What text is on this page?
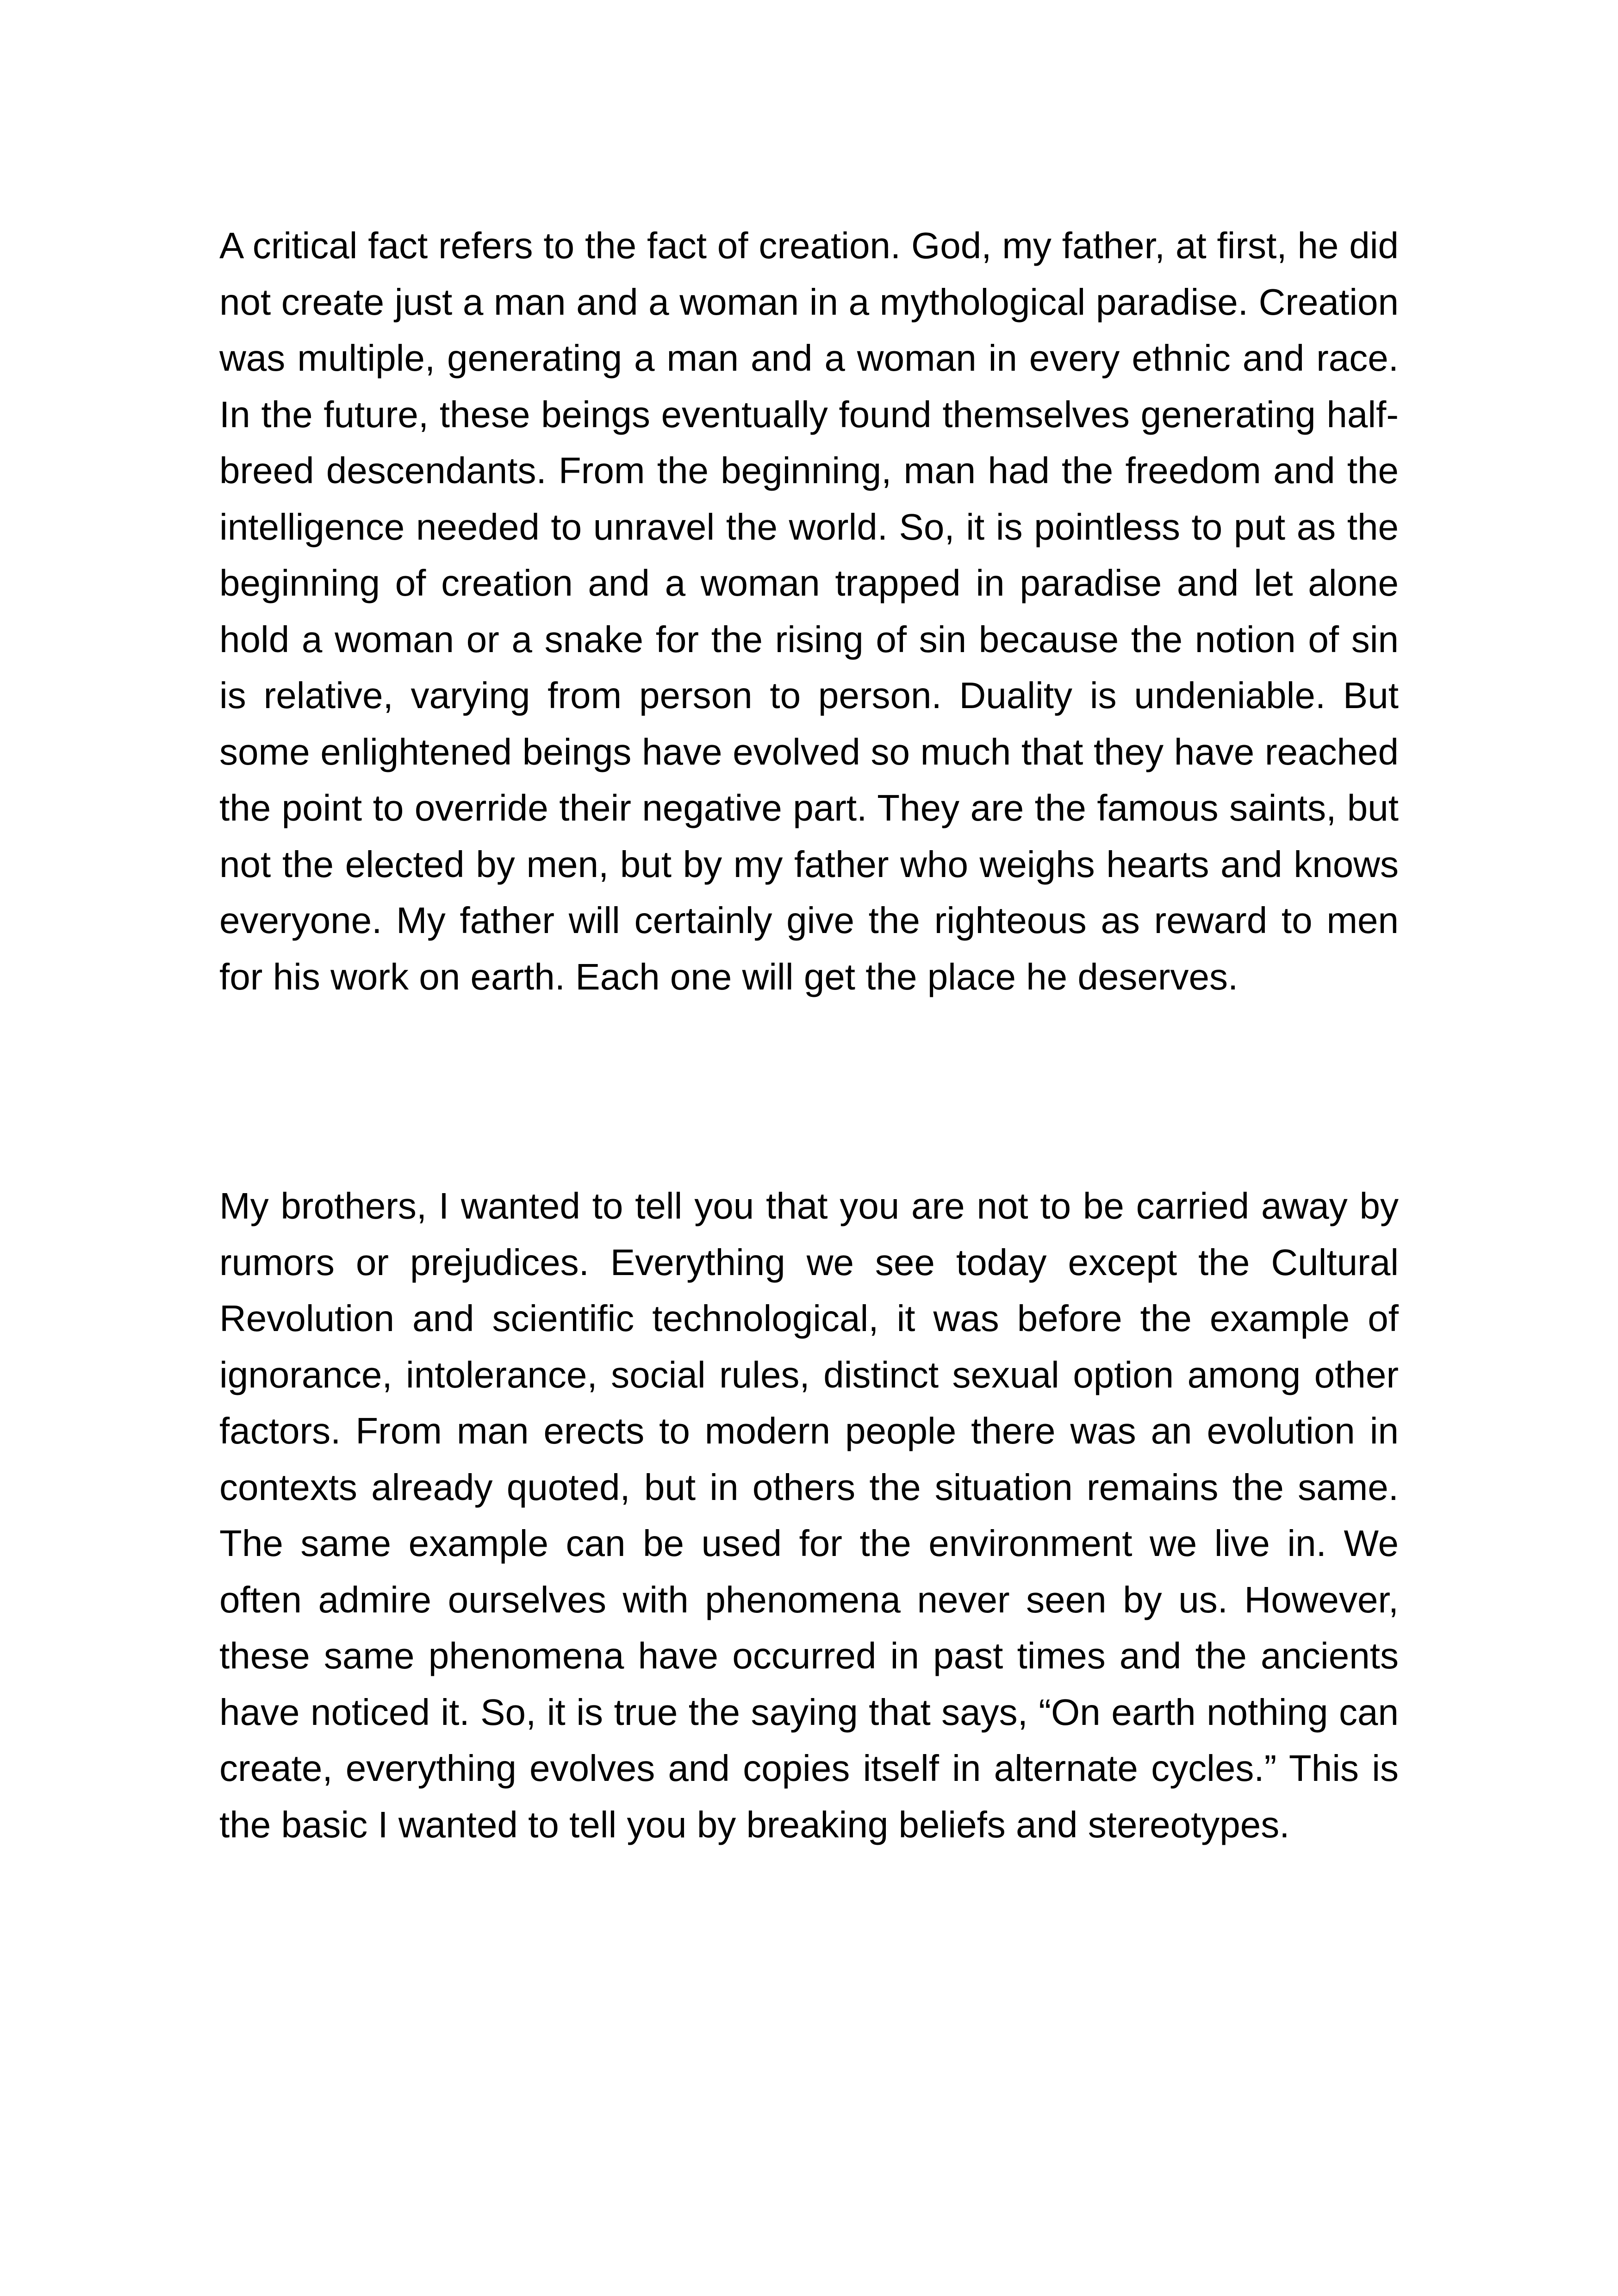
A critical fact refers to the fact of creation. God, my father, at first, he did not create just a man and a woman in a mythological paradise. Creation was multiple, generating a man and a woman in every ethnic and race. In the future, these beings eventually found themselves generating half-breed descendants. From the beginning, man had the freedom and the intelligence needed to unravel the world. So, it is pointless to put as the beginning of creation and a woman trapped in paradise and let alone hold a woman or a snake for the rising of sin because the notion of sin is relative, varying from person to person. Duality is undeniable. But some enlightened beings have evolved so much that they have reached the point to override their negative part. They are the famous saints, but not the elected by men, but by my father who weighs hearts and knows everyone. My father will certainly give the righteous as reward to men for his work on earth. Each one will get the place he deserves.

My brothers, I wanted to tell you that you are not to be carried away by rumors or prejudices. Everything we see today except the Cultural Revolution and scientific technological, it was before the example of ignorance, intolerance, social rules, distinct sexual option among other factors. From man erects to modern people there was an evolution in contexts already quoted, but in others the situation remains the same. The same example can be used for the environment we live in. We often admire ourselves with phenomena never seen by us. However, these same phenomena have occurred in past times and the ancients have noticed it. So, it is true the saying that says, “On earth nothing can create, everything evolves and copies itself in alternate cycles.” This is the basic I wanted to tell you by breaking beliefs and stereotypes.
